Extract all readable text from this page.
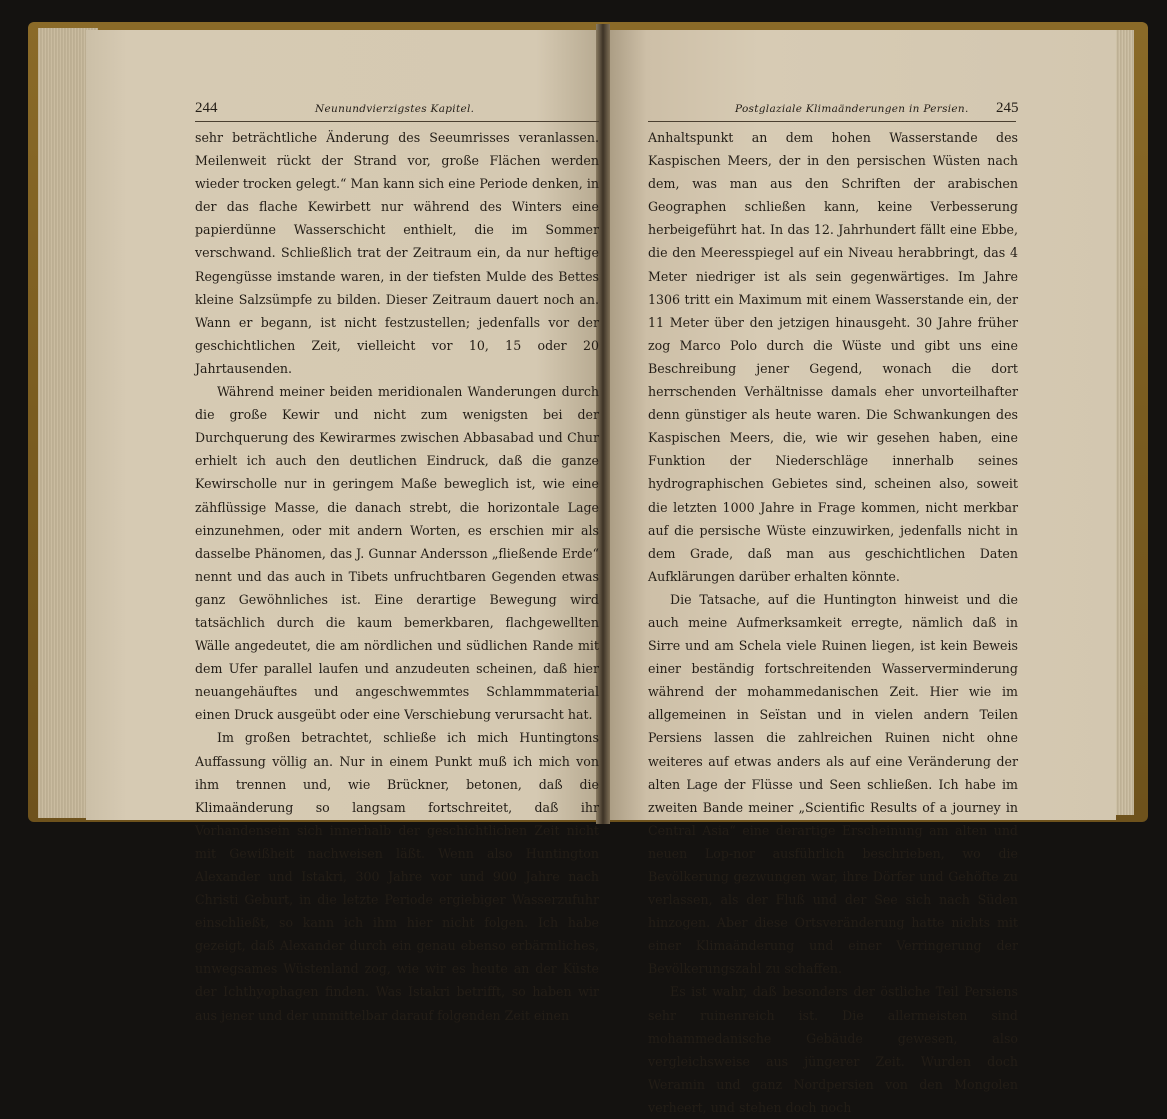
244	Neunundvierzigstes Kapitel.	Postglaziale Klimaänderungen in Persien. 245

sehr beträchtliche Änderung des Seeumrisses veranlassen. Meilenweit rückt der Strand vor, große Flächen werden wieder trocken gelegt.“ Man kann sich eine Periode denken, in der das flache Kewirbett nur während des Winters eine papierdünne Wasserschicht enthielt, die im Sommer verschwand. Schließlich trat der Zeitraum ein, da nur heftige Regengüsse imstande waren, in der tiefsten Mulde des Bettes kleine Salzsümpfe zu bilden. Dieser Zeitraum dauert noch an. Wann er begann, ist nicht festzustellen; jedenfalls vor der geschichtlichen Zeit, vielleicht vor 10, 15 oder 20 Jahrtausenden.

Während meiner beiden meridionalen Wanderungen durch die große Kewir und nicht zum wenigsten bei der Durchquerung des Kewirarmes zwischen Abbasabad und Chur erhielt ich auch den deutlichen Eindruck, daß die ganze Kewirscholle nur in geringem Maße beweglich ist, wie eine zähflüssige Masse, die danach strebt, die horizontale Lage einzunehmen, oder mit andern Worten, es erschien mir als dasselbe Phänomen, das J. Gunnar Andersson „fließende Erde“ nennt und das auch in Tibets unfruchtbaren Gegenden etwas ganz Gewöhnliches ist. Eine derartige Bewegung wird tatsächlich durch die kaum bemerkbaren, flachgewellten Wälle angedeutet, die am nördlichen und südlichen Rande mit dem Ufer parallel laufen und anzudeuten scheinen, daß hier neuangehäuftes und angeschwemmtes Schlammmaterial einen Druck ausgeübt oder eine Verschiebung verursacht hat.

Im großen betrachtet, schließe ich mich Huntingtons Auffassung völlig an. Nur in einem Punkt muß ich mich von ihm trennen und, wie Brückner, betonen, daß die Klimaänderung so langsam fortschreitet, daß ihr Vorhandensein sich innerhalb der geschichtlichen Zeit nicht mit Gewißheit nachweisen läßt. Wenn also Huntington Alexander und Istakri, 300 Jahre vor und 900 Jahre nach Christi Geburt, in die letzte Periode ergiebiger Wasserzufuhr einschließt, so kann ich ihm hier nicht folgen. Ich habe gezeigt, daß Alexander durch ein genau ebenso erbärmliches, unwegsames Wüstenland zog, wie wir es heute an der Küste der Ichthyophagen finden. Was Istakri betrifft, so haben wir aus jener und der unmittelbar darauf folgenden Zeit einen

Anhaltspunkt an dem hohen Wasserstande des Kaspischen Meers, der in den persischen Wüsten nach dem, was man aus den Schriften der arabischen Geographen schließen kann, keine Verbesserung herbeigeführt hat. In das 12. Jahrhundert fällt eine Ebbe, die den Meeresspiegel auf ein Niveau herabbringt, das 4 Meter niedriger ist als sein gegenwärtiges. Im Jahre 1306 tritt ein Maximum mit einem Wasserstande ein, der 11 Meter über den jetzigen hinausgeht. 30 Jahre früher zog Marco Polo durch die Wüste und gibt uns eine Beschreibung jener Gegend, wonach die dort herrschenden Verhältnisse damals eher unvorteilhafter denn günstiger als heute waren. Die Schwankungen des Kaspischen Meers, die, wie wir gesehen haben, eine Funktion der Niederschläge innerhalb seines hydrographischen Gebietes sind, scheinen also, soweit die letzten 1000 Jahre in Frage kommen, nicht merkbar auf die persische Wüste einzuwirken, jedenfalls nicht in dem Grade, daß man aus geschichtlichen Daten Aufklärungen darüber erhalten könnte.

Die Tatsache, auf die Huntington hinweist und die auch meine Aufmerksamkeit erregte, nämlich daß in Sirre und am Schela viele Ruinen liegen, ist kein Beweis einer beständig fortschreitenden Wasserverminderung während der mohammedanischen Zeit. Hier wie im allgemeinen in Seïstan und in vielen andern Teilen Persiens lassen die zahlreichen Ruinen nicht ohne weiteres auf etwas anders als auf eine Veränderung der alten Lage der Flüsse und Seen schließen. Ich habe im zweiten Bande meiner „Scientific Results of a journey in Central Asia“ eine derartige Erscheinung am alten und neuen Lop-nor ausführlich beschrieben, wo die Bevölkerung gezwungen war, ihre Dörfer und Gehöfte zu verlassen, als der Fluß und der See sich nach Süden hinzogen. Aber diese Ortsveränderung hatte nichts mit einer Klimaänderung und einer Verringerung der Bevölkerungszahl zu schaffen.

Es ist wahr, daß besonders der östliche Teil Persiens sehr ruinenreich ist. Die allermeisten sind mohammedanische Gebäude gewesen, also vergleichsweise aus jüngerer Zeit. Wurden doch Weramin und ganz Nordpersien von den Mongolen verheert, und stehen doch noch
